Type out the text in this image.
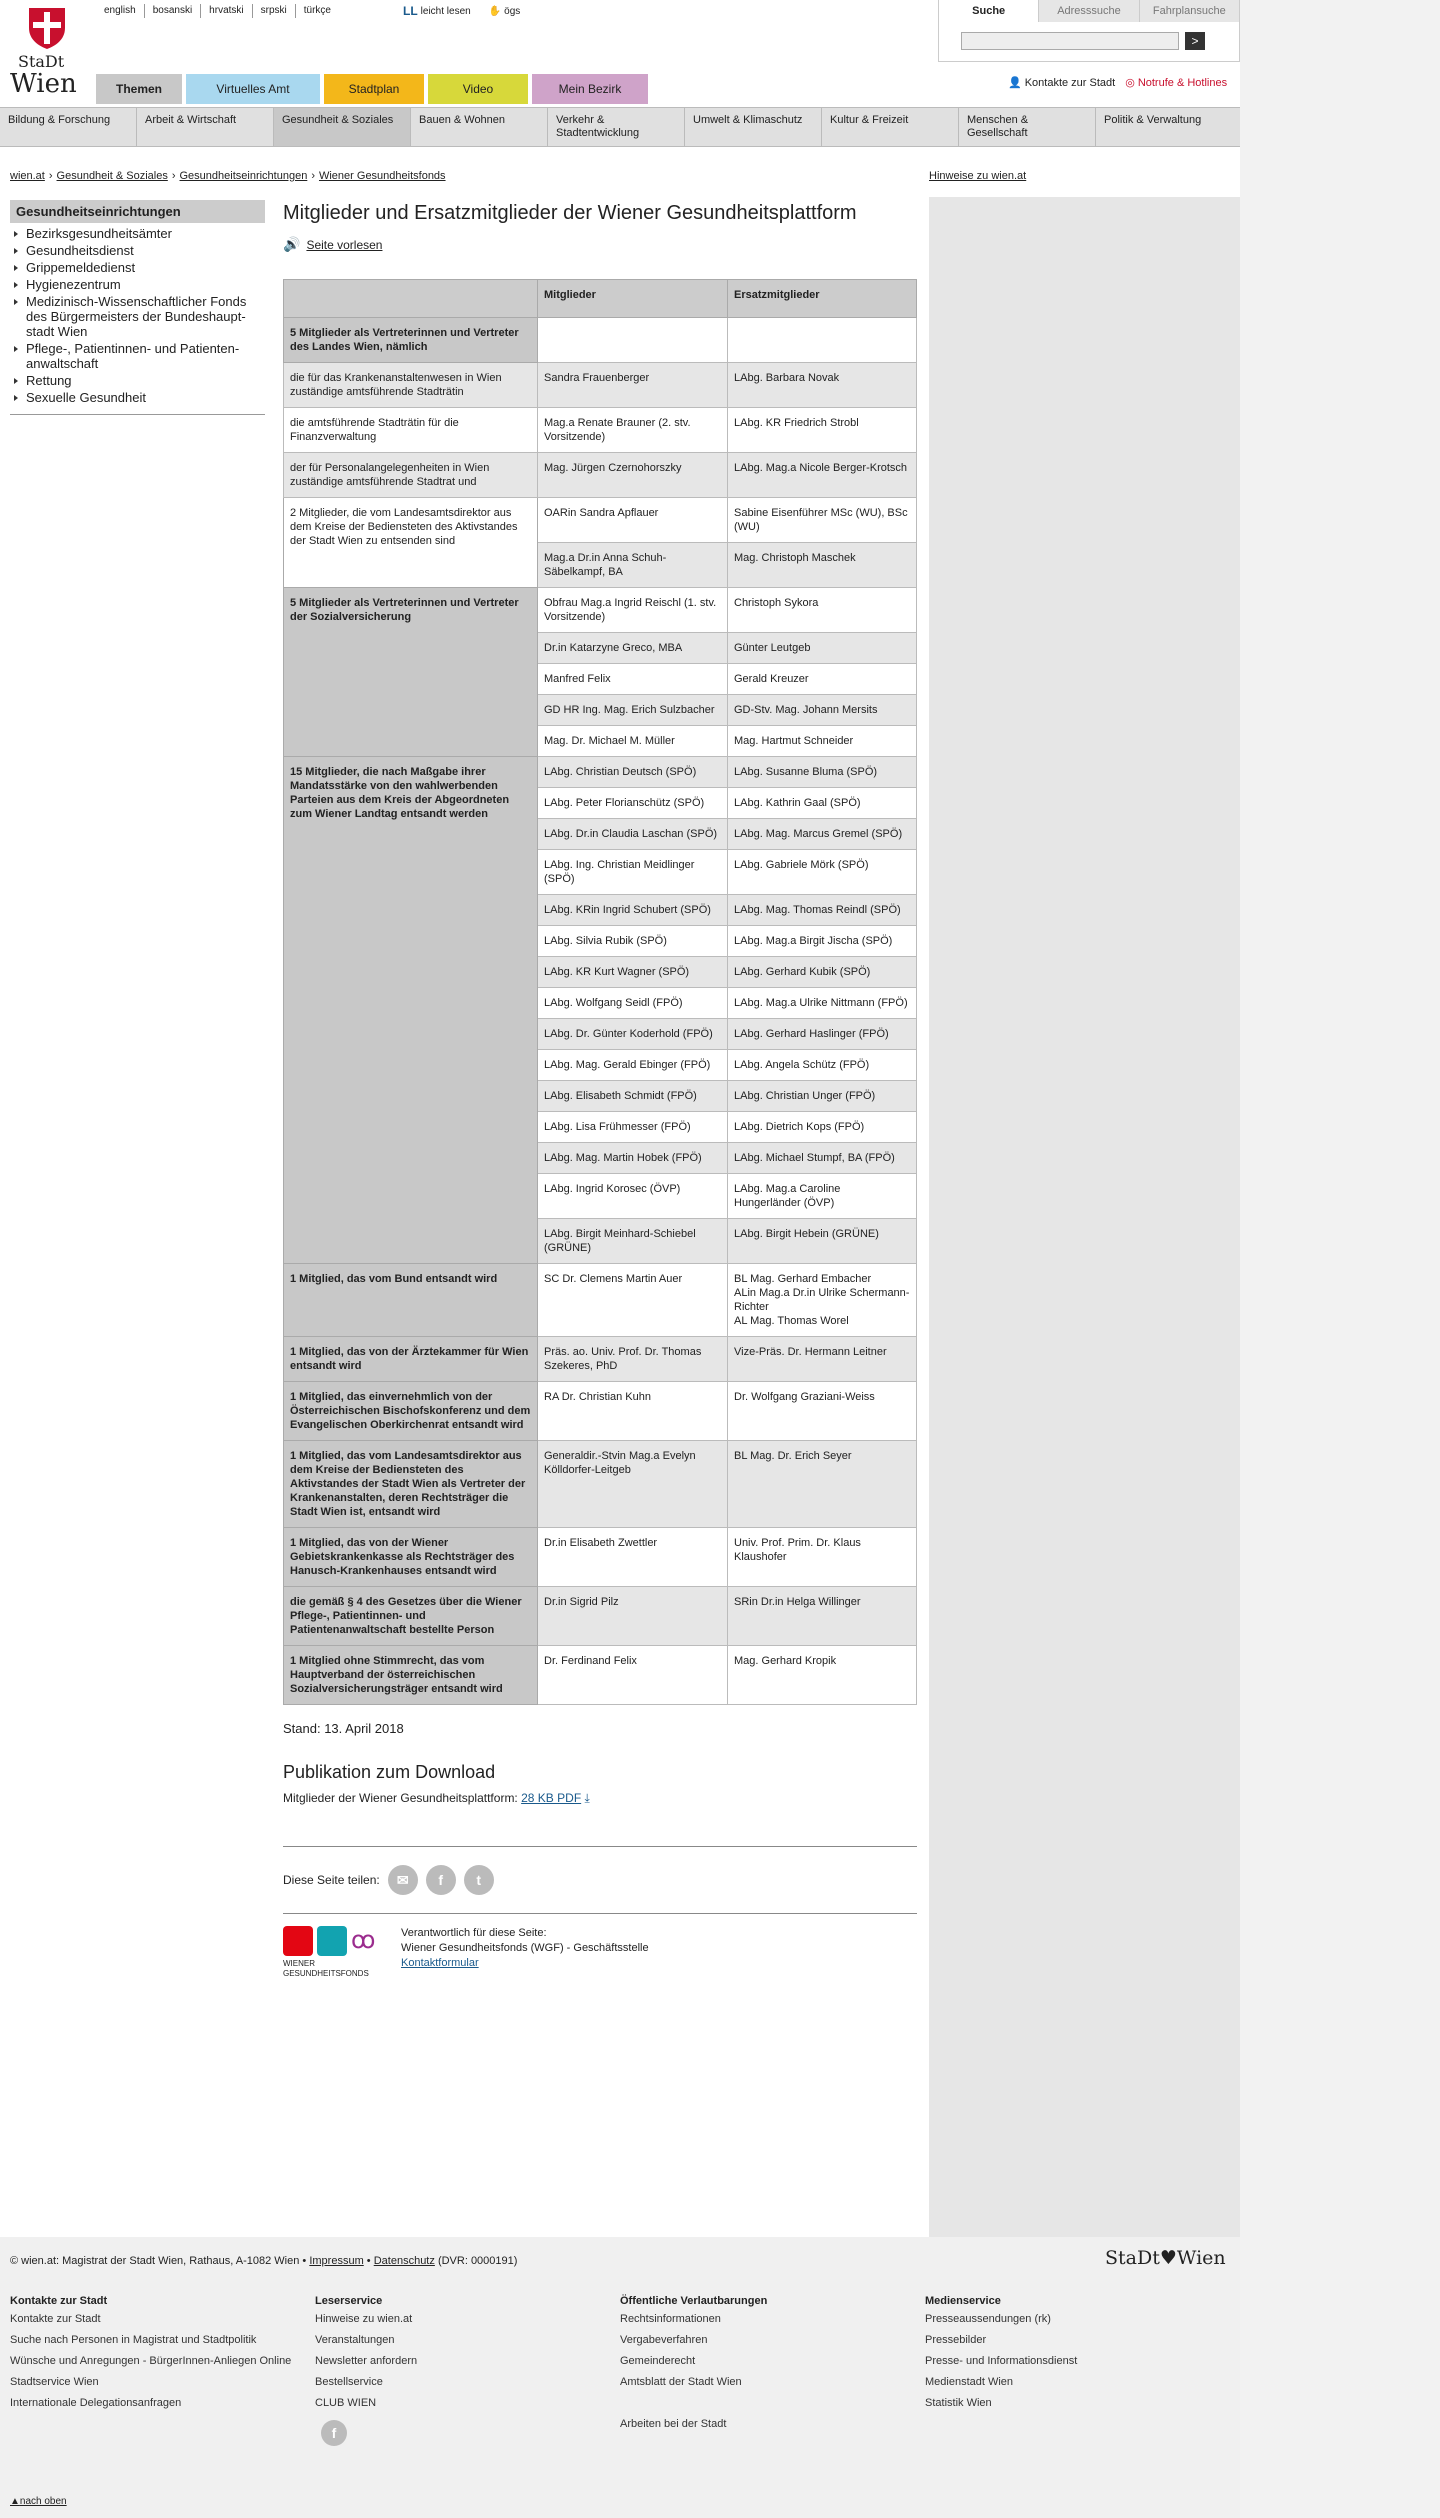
StaDt
Wien
english	bosanski	hrvatski	srpski	türkçe	LL leicht lesen ✋ ögs	Suche	Adresssuche	Fahrplansuche
>
Themen	Virtuelles Amt	Stadtplan	Video	Mein Bezirk	👤 Kontakte zur Stadt ◎ Notrufe & Hotlines
Bildung & Forschung	Arbeit & Wirtschaft	Gesundheit & Soziales	Bauen & Wohnen	Verkehr & Stadtentwicklung
Umwelt & Klimaschutz	Kultur & Freizeit	Menschen & Gesellschaft
Politik & Verwaltung
wien.at › Gesundheit & Soziales › Gesundheitseinrichtungen › Wiener Gesundheitsfonds	Hinweise zu wien.at
Gesundheitseinrichtungen
Bezirksgesundheitsämter
Gesundheitsdienst
Grippemeldedienst
Hygienezentrum
Medizinisch-Wissenschaftlicher Fonds des Bürgermeisters der Bundeshaupt-stadt Wien
Pflege-, Patientinnen- und Patienten-anwaltschaft
Rettung
Sexuelle Gesundheit
Mitglieder und Ersatzmitglieder der Wiener Gesundheitsplattform
🔊 Seite vorlesen
	Mitglieder	Ersatzmitglieder
5 Mitglieder als Vertreterinnen und Vertreter des Landes Wien, nämlich		
die für das Krankenanstaltenwesen in Wien zuständige amtsführende Stadträtin	Sandra Frauenberger	LAbg. Barbara Novak
die amtsführende Stadträtin für die Finanzverwaltung	Mag.a Renate Brauner (2. stv. Vorsitzende)	LAbg. KR Friedrich Strobl
der für Personalangelegenheiten in Wien zuständige amtsführende Stadtrat und	Mag. Jürgen Czernohorszky	LAbg. Mag.a Nicole Berger-Krotsch
2 Mitglieder, die vom Landesamtsdirektor aus dem Kreise der Bediensteten des Aktivstandes der Stadt Wien zu entsenden sind	OARin Sandra Apflauer	Sabine Eisenführer MSc (WU), BSc (WU)
	Mag.a Dr.in Anna Schuh-Säbelkampf, BA	Mag. Christoph Maschek
5 Mitglieder als Vertreterinnen und Vertreter der Sozialversicherung	Obfrau Mag.a Ingrid Reischl (1. stv. Vorsitzende)	Christoph Sykora
	Dr.in Katarzyne Greco, MBA	Günter Leutgeb
	Manfred Felix	Gerald Kreuzer
	GD HR Ing. Mag. Erich Sulzbacher	GD-Stv. Mag. Johann Mersits
	Mag. Dr. Michael M. Müller	Mag. Hartmut Schneider
15 Mitglieder, die nach Maßgabe ihrer Mandatsstärke von den wahlwerbenden Parteien aus dem Kreis der Abgeordneten zum Wiener Landtag entsandt werden	LAbg. Christian Deutsch (SPÖ)	LAbg. Susanne Bluma (SPÖ)
	LAbg. Peter Florianschütz (SPÖ)	LAbg. Kathrin Gaal (SPÖ)
	LAbg. Dr.in Claudia Laschan (SPÖ)	LAbg. Mag. Marcus Gremel (SPÖ)
	LAbg. Ing. Christian Meidlinger (SPÖ)	LAbg. Gabriele Mörk (SPÖ)
	LAbg. KRin Ingrid Schubert (SPÖ)	LAbg. Mag. Thomas Reindl (SPÖ)
	LAbg. Silvia Rubik (SPÖ)	LAbg. Mag.a Birgit Jischa (SPÖ)
	LAbg. KR Kurt Wagner (SPÖ)	LAbg. Gerhard Kubik (SPÖ)
	LAbg. Wolfgang Seidl (FPÖ)	LAbg. Mag.a Ulrike Nittmann (FPÖ)
	LAbg. Dr. Günter Koderhold (FPÖ)	LAbg. Gerhard Haslinger (FPÖ)
	LAbg. Mag. Gerald Ebinger (FPÖ)	LAbg. Angela Schütz (FPÖ)
	LAbg. Elisabeth Schmidt (FPÖ)	LAbg. Christian Unger (FPÖ)
	LAbg. Lisa Frühmesser (FPÖ)	LAbg. Dietrich Kops (FPÖ)
	LAbg. Mag. Martin Hobek (FPÖ)	LAbg. Michael Stumpf, BA (FPÖ)
	LAbg. Ingrid Korosec (ÖVP)	LAbg. Mag.a Caroline Hungerländer (ÖVP)
	LAbg. Birgit Meinhard-Schiebel (GRÜNE)	LAbg. Birgit Hebein (GRÜNE)
1 Mitglied, das vom Bund entsandt wird	SC Dr. Clemens Martin Auer	BL Mag. Gerhard Embacher
ALin Mag.a Dr.in Ulrike Schermann-Richter
AL Mag. Thomas Worel
1 Mitglied, das von der Ärztekammer für Wien entsandt wird	Präs. ao. Univ. Prof. Dr. Thomas Szekeres, PhD	Vize-Präs. Dr. Hermann Leitner
1 Mitglied, das einvernehmlich von der Österreichischen Bischofskonferenz und dem Evangelischen Oberkirchenrat entsandt wird	RA Dr. Christian Kuhn	Dr. Wolfgang Graziani-Weiss
1 Mitglied, das vom Landesamtsdirektor aus dem Kreise der Bediensteten des Aktivstandes der Stadt Wien als Vertreter der Krankenanstalten, deren Rechtsträger die Stadt Wien ist, entsandt wird	Generaldir.-Stvin Mag.a Evelyn Kölldorfer-Leitgeb	BL Mag. Dr. Erich Seyer
1 Mitglied, das von der Wiener Gebietskrankenkasse als Rechtsträger des Hanusch-Krankenhauses entsandt wird	Dr.in Elisabeth Zwettler	Univ. Prof. Prim. Dr. Klaus Klaushofer
die gemäß § 4 des Gesetzes über die Wiener Pflege-, Patientinnen- und Patientenanwaltschaft bestellte Person	Dr.in Sigrid Pilz	SRin Dr.in Helga Willinger
1 Mitglied ohne Stimmrecht, das vom Hauptverband der österreichischen Sozialversicherungsträger entsandt wird	Dr. Ferdinand Felix	Mag. Gerhard Kropik
Stand: 13. April 2018
Publikation zum Download

Mitglieder der Wiener Gesundheitsplattform: 28 KB PDF ⤓

Diese Seite teilen:	✉	f	t
ꝏ
WIENER GESUNDHEITSFONDS
Verantwortlich für diese Seite:
Wiener Gesundheitsfonds (WGF) - Geschäftsstelle
Kontaktformular
© wien.at: Magistrat der Stadt Wien, Rathaus, A-1082 Wien • Impressum • Datenschutz (DVR: 0000191)	StaDt♥Wien
Kontakte zur Stadt
Kontakte zur Stadt
Suche nach Personen in Magistrat und Stadtpolitik
Wünsche und Anregungen - BürgerInnen-Anliegen Online
Stadtservice Wien
Internationale Delegationsanfragen
Leserservice
Hinweise zu wien.at
Veranstaltungen
Newsletter anfordern
Bestellservice
CLUB WIEN
f
Öffentliche Verlautbarungen
Rechtsinformationen
Vergabeverfahren
Gemeinderecht
Amtsblatt der Stadt Wien
Arbeiten bei der Stadt
Medienservice
Presseaussendungen (rk)
Pressebilder
Presse- und Informationsdienst
Medienstadt Wien
Statistik Wien
▲nach oben
